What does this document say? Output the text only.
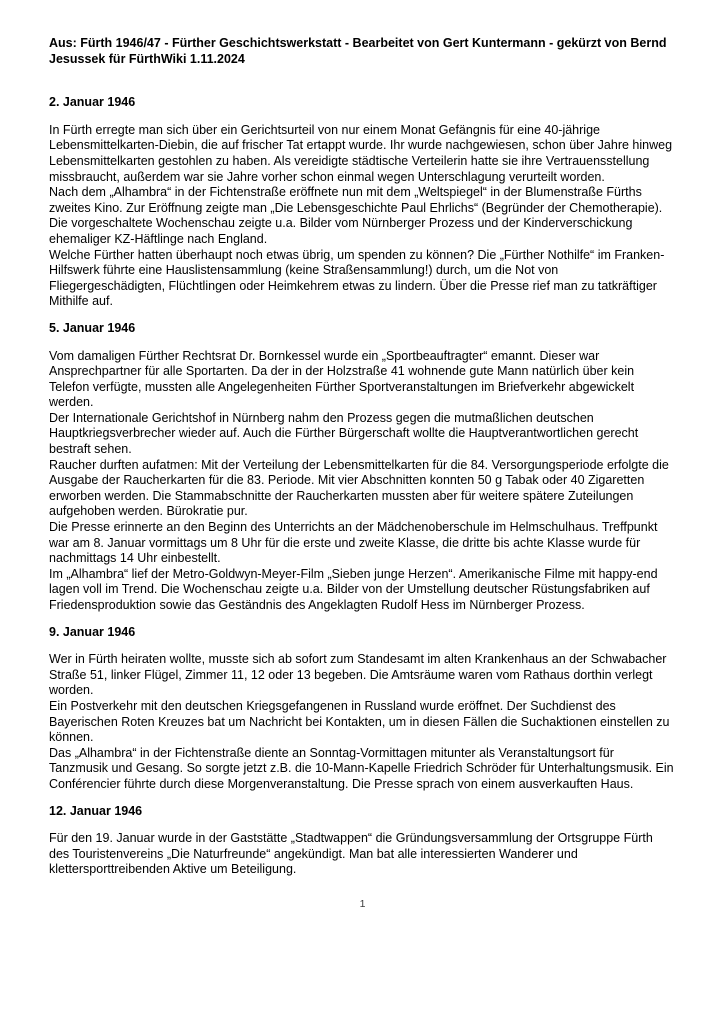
Aus: Fürth 1946/47 - Fürther Geschichtswerkstatt - Bearbeitet von Gert Kuntermann - gekürzt von Bernd Jesussek für FürthWiki 1.11.2024

2. Januar 1946

In Fürth erregte man sich über ein Gerichtsurteil von nur einem Monat Gefängnis für eine 40-jährige Lebensmittelkarten-Diebin, die auf frischer Tat ertappt wurde. Ihr wurde nachgewiesen, schon über Jahre hinweg Lebensmittelkarten gestohlen zu haben. Als vereidigte städtische Verteilerin hatte sie ihre Vertrauensstellung missbraucht, außerdem war sie Jahre vorher schon einmal wegen Unterschlagung verurteilt worden.

Nach dem „Alhambra“ in der Fichtenstraße eröffnete nun mit dem „Weltspiegel“ in der Blumenstraße Fürths zweites Kino. Zur Eröffnung zeigte man „Die Lebensgeschichte Paul Ehrlichs“ (Begründer der Chemotherapie). Die vorgeschaltete Wochenschau zeigte u.a. Bilder vom Nürnberger Prozess und der Kinderverschickung ehemaliger KZ-Häftlinge nach England.

Welche Fürther hatten überhaupt noch etwas übrig, um spenden zu können? Die „Fürther Nothilfe“ im Franken-Hilfswerk führte eine Hauslistensammlung (keine Straßensammlung!) durch, um die Not von Fliegergeschädigten, Flüchtlingen oder Heimkehrem etwas zu lindern. Über die Presse rief man zu tatkräftiger Mithilfe auf.

5. Januar 1946

Vom damaligen Fürther Rechtsrat Dr. Bornkessel wurde ein „Sportbeauftragter“ emannt. Dieser war Ansprechpartner für alle Sportarten. Da der in der Holzstraße 41 wohnende gute Mann natürlich über kein Telefon verfügte, mussten alle Angelegenheiten Fürther Sportveranstaltungen im Briefverkehr abgewickelt werden.

Der Internationale Gerichtshof in Nürnberg nahm den Prozess gegen die mutmaßlichen deutschen Hauptkriegsverbrecher wieder auf. Auch die Fürther Bürgerschaft wollte die Hauptverantwortlichen gerecht bestraft sehen.

Raucher durften aufatmen: Mit der Verteilung der Lebensmittelkarten für die 84. Versorgungsperiode erfolgte die Ausgabe der Raucherkarten für die 83. Periode. Mit vier Abschnitten konnten 50 g Tabak oder 40 Zigaretten erworben werden. Die Stammabschnitte der Raucherkarten mussten aber für weitere spätere Zuteilungen aufgehoben werden. Bürokratie pur.

Die Presse erinnerte an den Beginn des Unterrichts an der Mädchenoberschule im Helmschulhaus. Treffpunkt war am 8. Januar vormittags um 8 Uhr für die erste und zweite Klasse, die dritte bis achte Klasse wurde für nachmittags 14 Uhr einbestellt.

Im „Alhambra“ lief der Metro-Goldwyn-Meyer-Film „Sieben junge Herzen“. Amerikanische Filme mit happy-end lagen voll im Trend. Die Wochenschau zeigte u.a. Bilder von der Umstellung deutscher Rüstungsfabriken auf Friedensproduktion sowie das Geständnis des Angeklagten Rudolf Hess im Nürnberger Prozess.

9. Januar 1946

Wer in Fürth heiraten wollte, musste sich ab sofort zum Standesamt im alten Krankenhaus an der Schwabacher Straße 51, linker Flügel, Zimmer 11, 12 oder 13 begeben. Die Amtsräume waren vom Rathaus dorthin verlegt worden.

Ein Postverkehr mit den deutschen Kriegsgefangenen in Russland wurde eröffnet. Der Suchdienst des Bayerischen Roten Kreuzes bat um Nachricht bei Kontakten, um in diesen Fällen die Suchaktionen einstellen zu können.

Das „Alhambra“ in der Fichtenstraße diente an Sonntag-Vormittagen mitunter als Veranstaltungsort für Tanzmusik und Gesang. So sorgte jetzt z.B. die 10-Mann-Kapelle Friedrich Schröder für Unterhaltungsmusik. Ein Conférencier führte durch diese Morgenveranstaltung. Die Presse sprach von einem ausverkauften Haus.

12. Januar 1946

Für den 19. Januar wurde in der Gaststätte „Stadtwappen“ die Gründungsversammlung der Ortsgruppe Fürth des Touristenvereins „Die Naturfreunde“ angekündigt. Man bat alle interessierten Wanderer und klettersporttreibenden Aktive um Beteiligung.

1
